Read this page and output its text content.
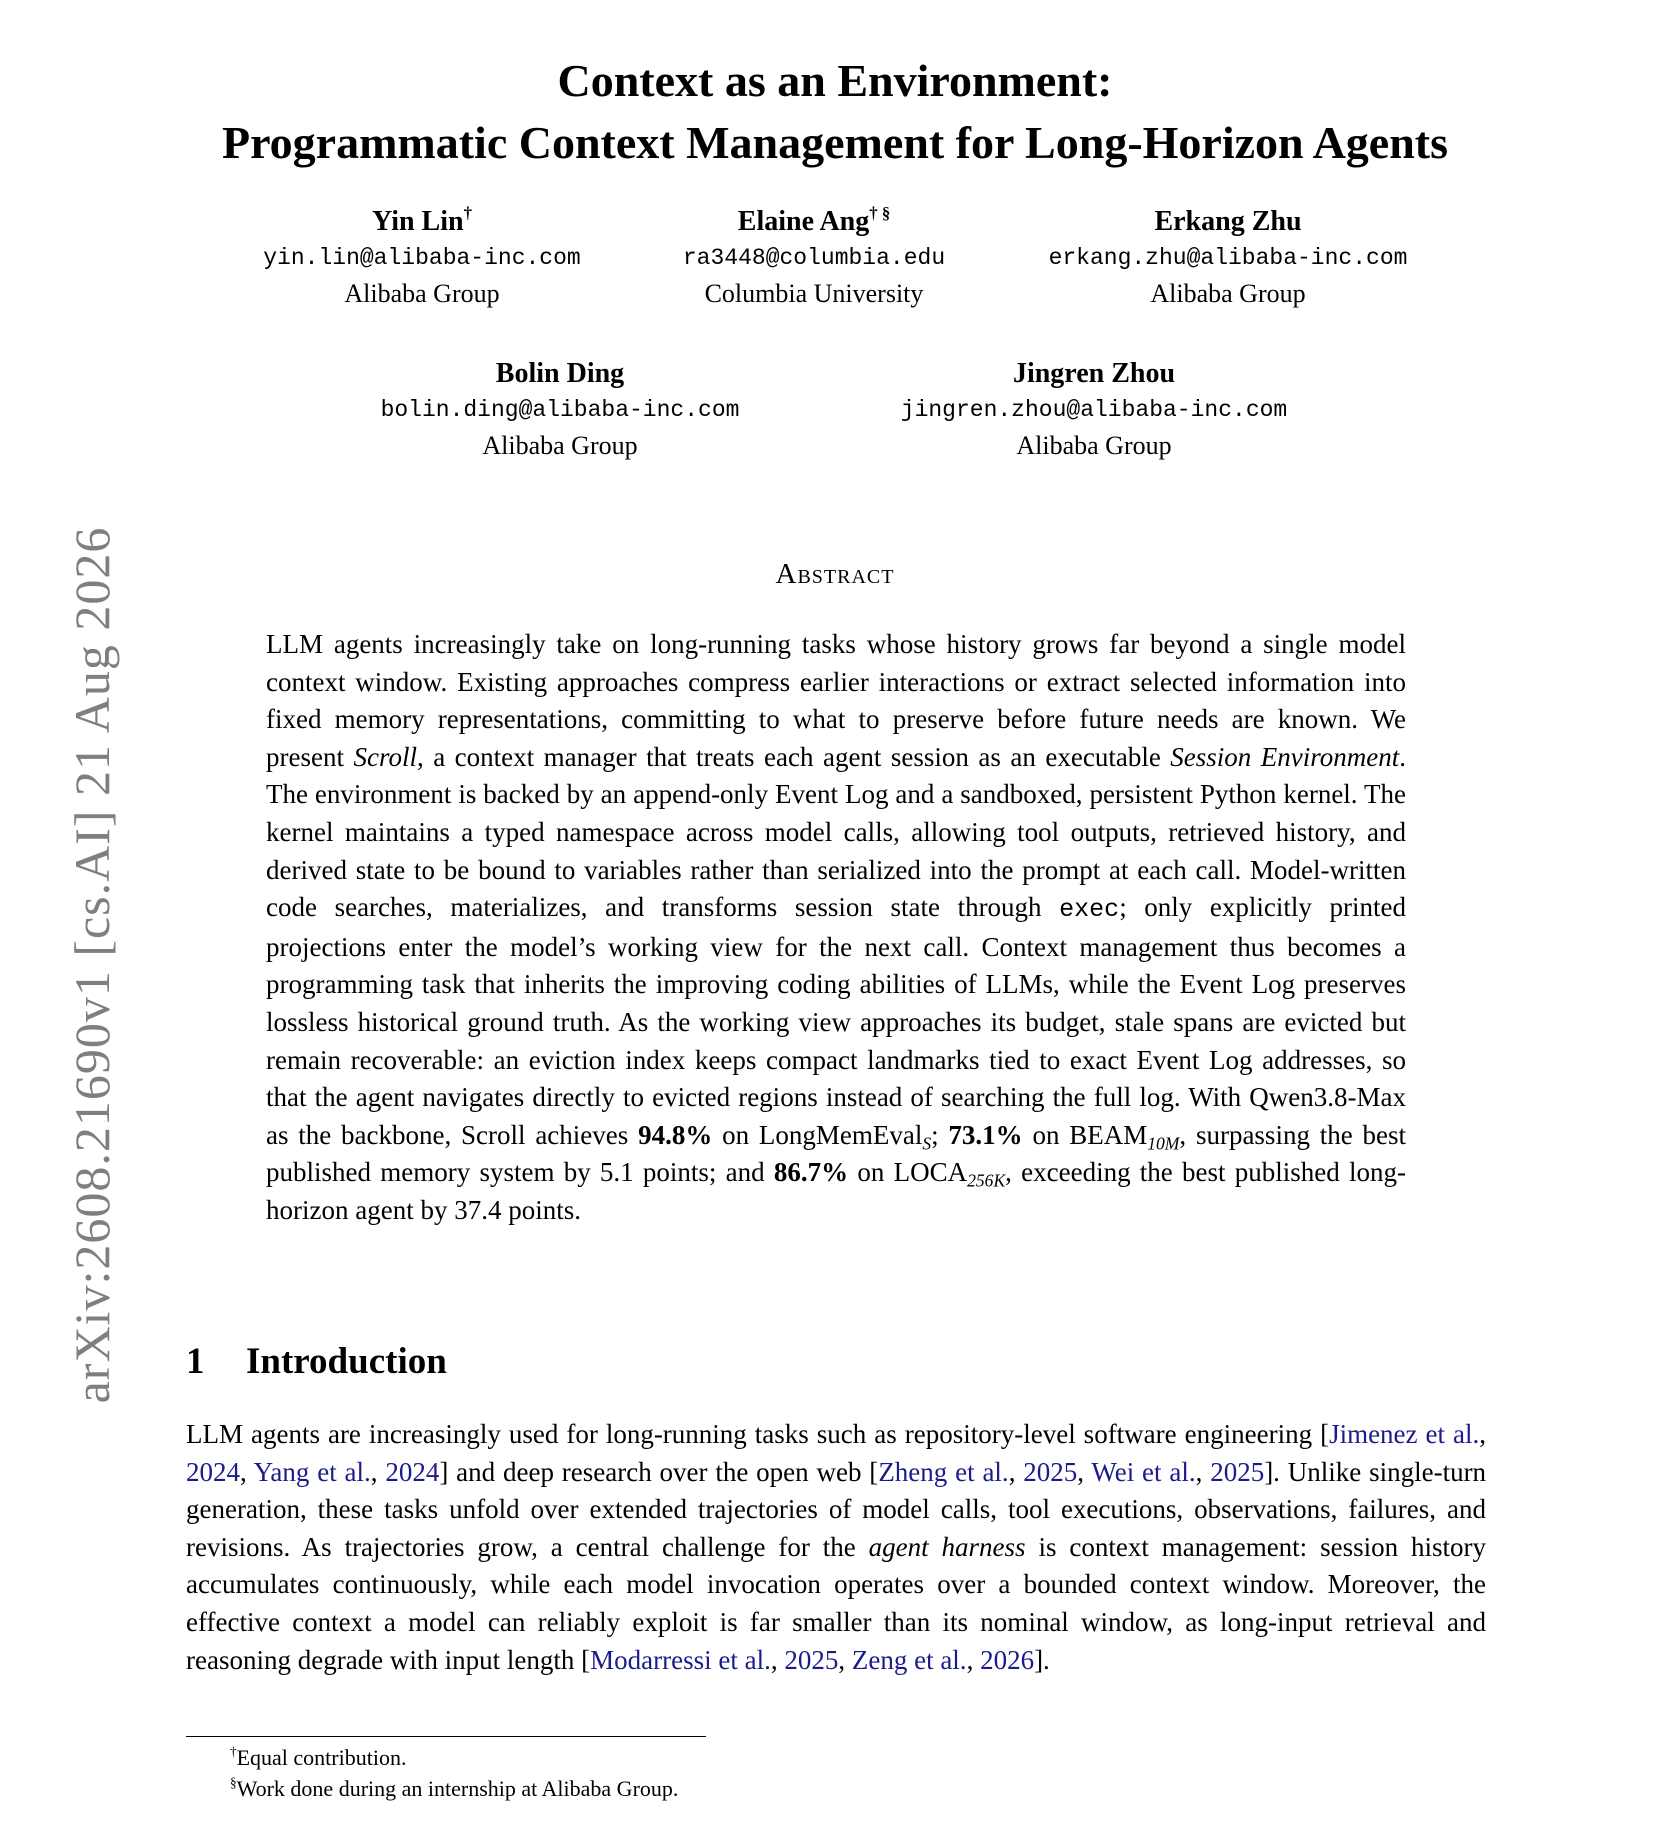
arXiv:2608.21690v1 [cs.AI] 21 Aug 2026
Context as an Environment:
Programmatic Context Management for Long-Horizon Agents
Yin Lin†
yin.lin@alibaba-inc.com
Alibaba Group
Elaine Ang† §
ra3448@columbia.edu
Columbia University
Erkang Zhu
erkang.zhu@alibaba-inc.com
Alibaba Group
Bolin Ding
bolin.ding@alibaba-inc.com
Alibaba Group
Jingren Zhou
jingren.zhou@alibaba-inc.com
Alibaba Group
Abstract
LLM agents increasingly take on long-running tasks whose history grows far beyond a single model context window. Existing approaches compress earlier interactions or extract selected information into fixed memory representations, committing to what to preserve before future needs are known. We present Scroll, a context manager that treats each agent session as an executable Session Environment. The environment is backed by an append-only Event Log and a sandboxed, persistent Python kernel. The kernel maintains a typed namespace across model calls, allowing tool outputs, retrieved history, and derived state to be bound to variables rather than serialized into the prompt at each call. Model-written code searches, materializes, and transforms session state through exec; only explicitly printed projections enter the model’s working view for the next call. Context management thus becomes a programming task that inherits the improving coding abilities of LLMs, while the Event Log preserves lossless historical ground truth. As the working view approaches its budget, stale spans are evicted but remain recoverable: an eviction index keeps compact landmarks tied to exact Event Log addresses, so that the agent navigates directly to evicted regions instead of searching the full log. With Qwen3.8-Max as the backbone, Scroll achieves 94.8% on LongMemEval$_S$; 73.1% on $BEAM_{10M}$, surpassing the best published memory system by 5.1 points; and 86.7% on $LOCA_{256K}$, exceeding the best published long-horizon agent by 37.4 points.
1 Introduction
LLM agents are increasingly used for long-running tasks such as repository-level software engineering [Jimenez et al., 2024, Yang et al., 2024] and deep research over the open web [Zheng et al., 2025, Wei et al., 2025]. Unlike single-turn generation, these tasks unfold over extended trajectories of model calls, tool executions, observations, failures, and revisions. As trajectories grow, a central challenge for the agent harness is context management: session history accumulates continuously, while each model invocation operates over a bounded context window. Moreover, the effective context a model can reliably exploit is far smaller than its nominal window, as long-input retrieval and reasoning degrade with input length [Modarressi et al., 2025, Zeng et al., 2026].
†Equal contribution.
§Work done during an internship at Alibaba Group.
